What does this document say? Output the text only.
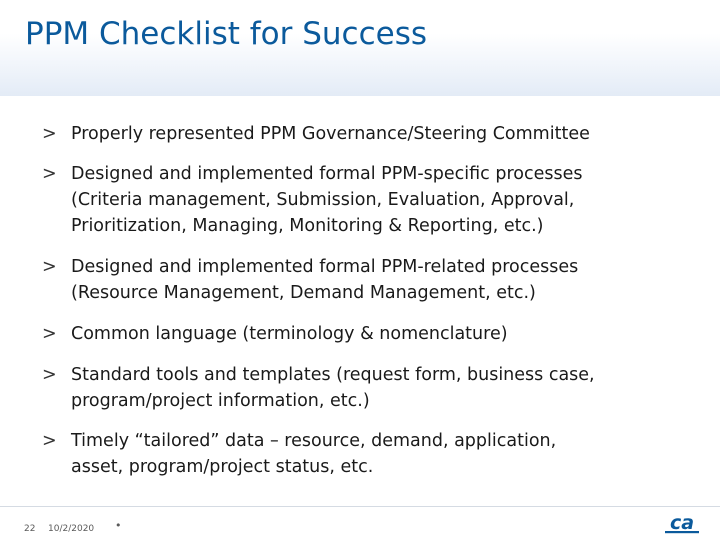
PPM Checklist for Success
> Properly represented PPM Governance/Steering Committee
> Designed and implemented formal PPM-specific processes
(Criteria management, Submission, Evaluation, Approval,
Prioritization, Managing, Monitoring & Reporting, etc.)
> Designed and implemented formal PPM-related processes
(Resource Management, Demand Management, etc.)
> Common language (terminology & nomenclature)
> Standard tools and templates (request form, business case,
program/project information, etc.)
> Timely “tailored” data – resource, demand, application,
asset, program/project status, etc.
22 10/2/2020 •	ca
